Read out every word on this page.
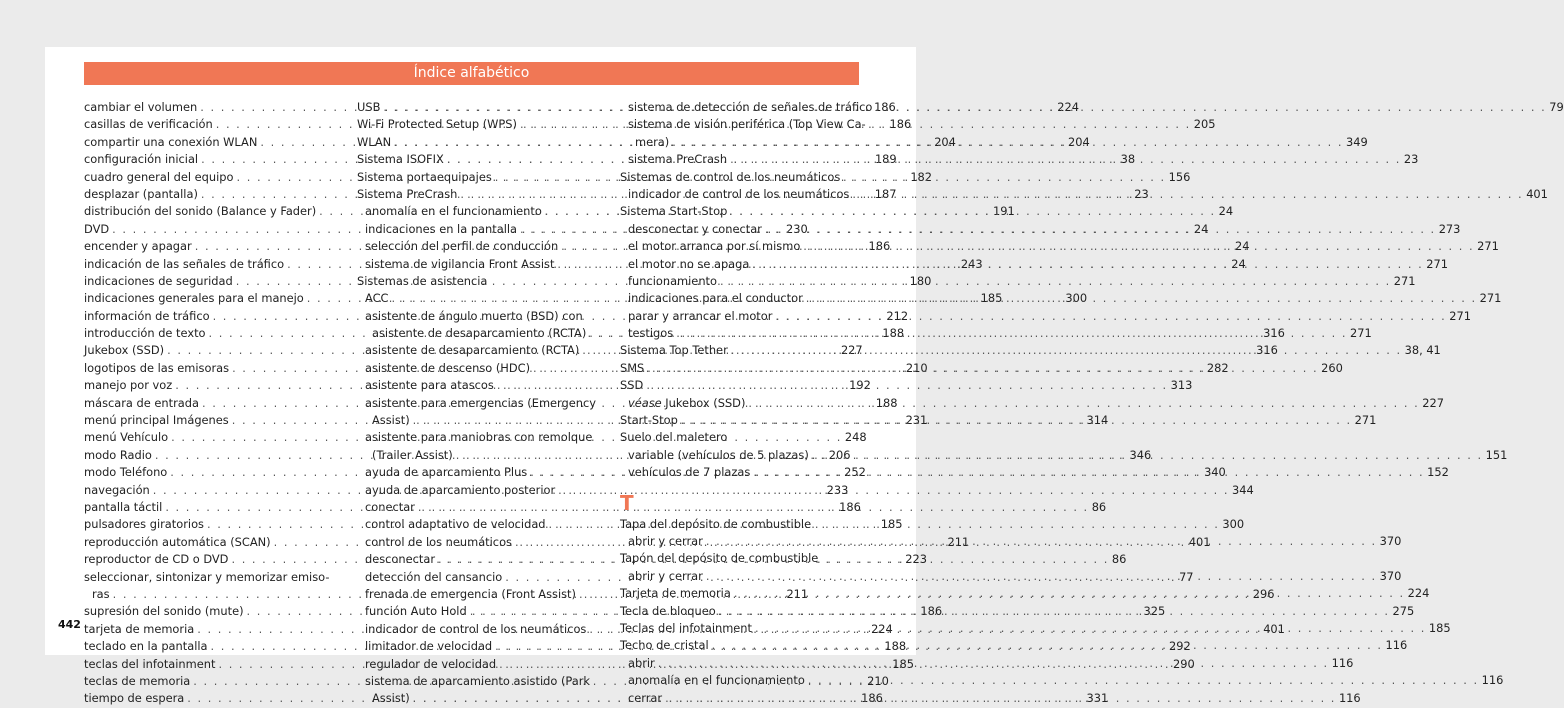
Índice alfabético
cambiar el volumen . . .	186
casillas de verificación . . .	186
compartir una conexión WLAN . . .	204
configuración inicial . . .	189
cuadro general del equipo . . .	182
desplazar (pantalla) . . .	187
distribución del sonido (Balance y Fader) . . .	191
DVD . . .	230
encender y apagar . . .	186
indicación de las señales de tráfico . . .	243
indicaciones de seguridad . . .	180
indicaciones generales para el manejo . . .	185
información de tráfico . . .	212
introducción de texto . . .	188
Jukebox (SSD) . . .	227
logotipos de las emisoras . . .	210
manejo por voz . . .	192
máscara de entrada . . .	188
menú principal Imágenes . . .	231
menú Vehículo . . .	248
modo Radio . . .	206
modo Teléfono . . .	252
navegación . . .	233
pantalla táctil . . .	186
pulsadores giratorios . . .	185
reproducción automática (SCAN) . . .	211
reproductor de CD o DVD . . .	223
seleccionar, sintonizar y memorizar emiso-
ras . . .	211
supresión del sonido (mute) . . .	186
tarjeta de memoria . . .	224
teclado en la pantalla . . .	188
teclas del infotainment . . .	185
teclas de memoria . . .	210
tiempo de espera . . .	186
USB . . .	224
Wi-Fi Protected Setup (WPS) . . .	205
WLAN . . .	204
Sistema ISOFIX . . .	38
Sistema portaequipajes . . .	156
Sistema PreCrash . . .	23
anomalía en el funcionamiento . . .	24
indicaciones en la pantalla . . .	24
selección del perfil de conducción . . .	24
sistema de vigilancia Front Assist . . .	24
Sistemas de asistencia
ACC . . .	300
asistente de ángulo muerto (BSD) con
asistente de desaparcamiento (RCTA) . . .	316
asistente de desaparcamiento (RCTA) . . .	316
asistente de descenso (HDC) . . .	282
asistente para atascos . . .	313
asistente para emergencias (Emergency
Assist) . . .	314
asistente para maniobras con remolque
(Trailer Assist) . . .	346
ayuda de aparcamiento Plus . . .	340
ayuda de aparcamiento posterior . . .	344
conectar . . .	86
control adaptativo de velocidad . . .	300
control de los neumáticos . . .	401
desconectar . . .	86
detección del cansancio . . .	77
frenada de emergencia (Front Assist) . . .	296
función Auto Hold . . .	325
indicador de control de los neumáticos . . .	401
limitador de velocidad . . .	292
regulador de velocidad . . .	290
sistema de aparcamiento asistido (Park
Assist) . . .	331
sistema de detección de señales de tráfico . . .	79
sistema de visión periférica (Top View Ca-
mera) . . .	349
sistema PreCrash . . .	23
Sistemas de control de los neumáticos
indicador de control de los neumáticos . . .	401
Sistema Start-Stop
desconectar y conectar . . .	273
el motor arranca por sí mismo . . .	271
el motor no se apaga . . .	271
funcionamiento . . .	271
indicaciones para el conductor . . .	271
parar y arrancar el motor . . .	271
testigos . . .	271
Sistema Top Tether . . .	38, 41
SMS . . .	260
SSD
véase Jukebox (SSD) . . .	227
Start-Stop . . .	271
Suelo del maletero
variable (vehículos de 5 plazas) . . .	151
vehículos de 7 plazas . . .	152
T
Tapa del depósito de combustible
abrir y cerrar . . .	370
Tapón del depósito de combustible
abrir y cerrar . . .	370
Tarjeta de memoria . . .	224
Tecla de bloqueo . . .	275
Teclas del infotainment . . .	185
Techo de cristal . . .	116
abrir . . .	116
anomalía en el funcionamiento . . .	116
cerrar . . .	116
442
